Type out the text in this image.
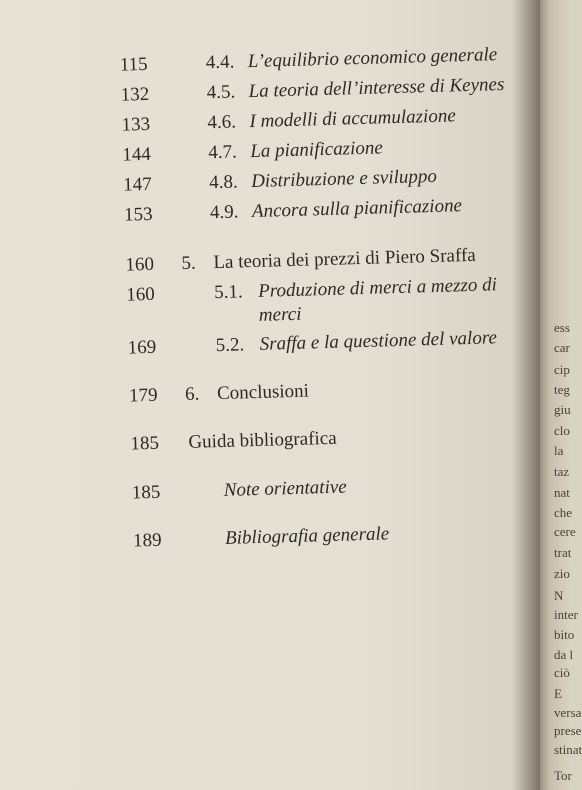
115	4.4. L’equilibrio economico generale
132	4.5. La teoria dell’interesse di Keynes
133	4.6. I modelli di accumulazione
144	4.7. La pianificazione
147	4.8. Distribuzione e sviluppo
153	4.9. Ancora sulla pianificazione
160	5. La teoria dei prezzi di Piero Sraffa
160	5.1. Produzione di merci a mezzo di
merci
169	5.2. Sraffa e la questione del valore
179	6. Conclusioni
185	Guida bibliografica
185	Note orientative
189	Bibliografia generale
ess
car
cip
teg
giu
clo
la
taz
nat
che
cere
trat
zio
N
inter
bito
da l
ciò
E
versa
prese
stinat
Tor
